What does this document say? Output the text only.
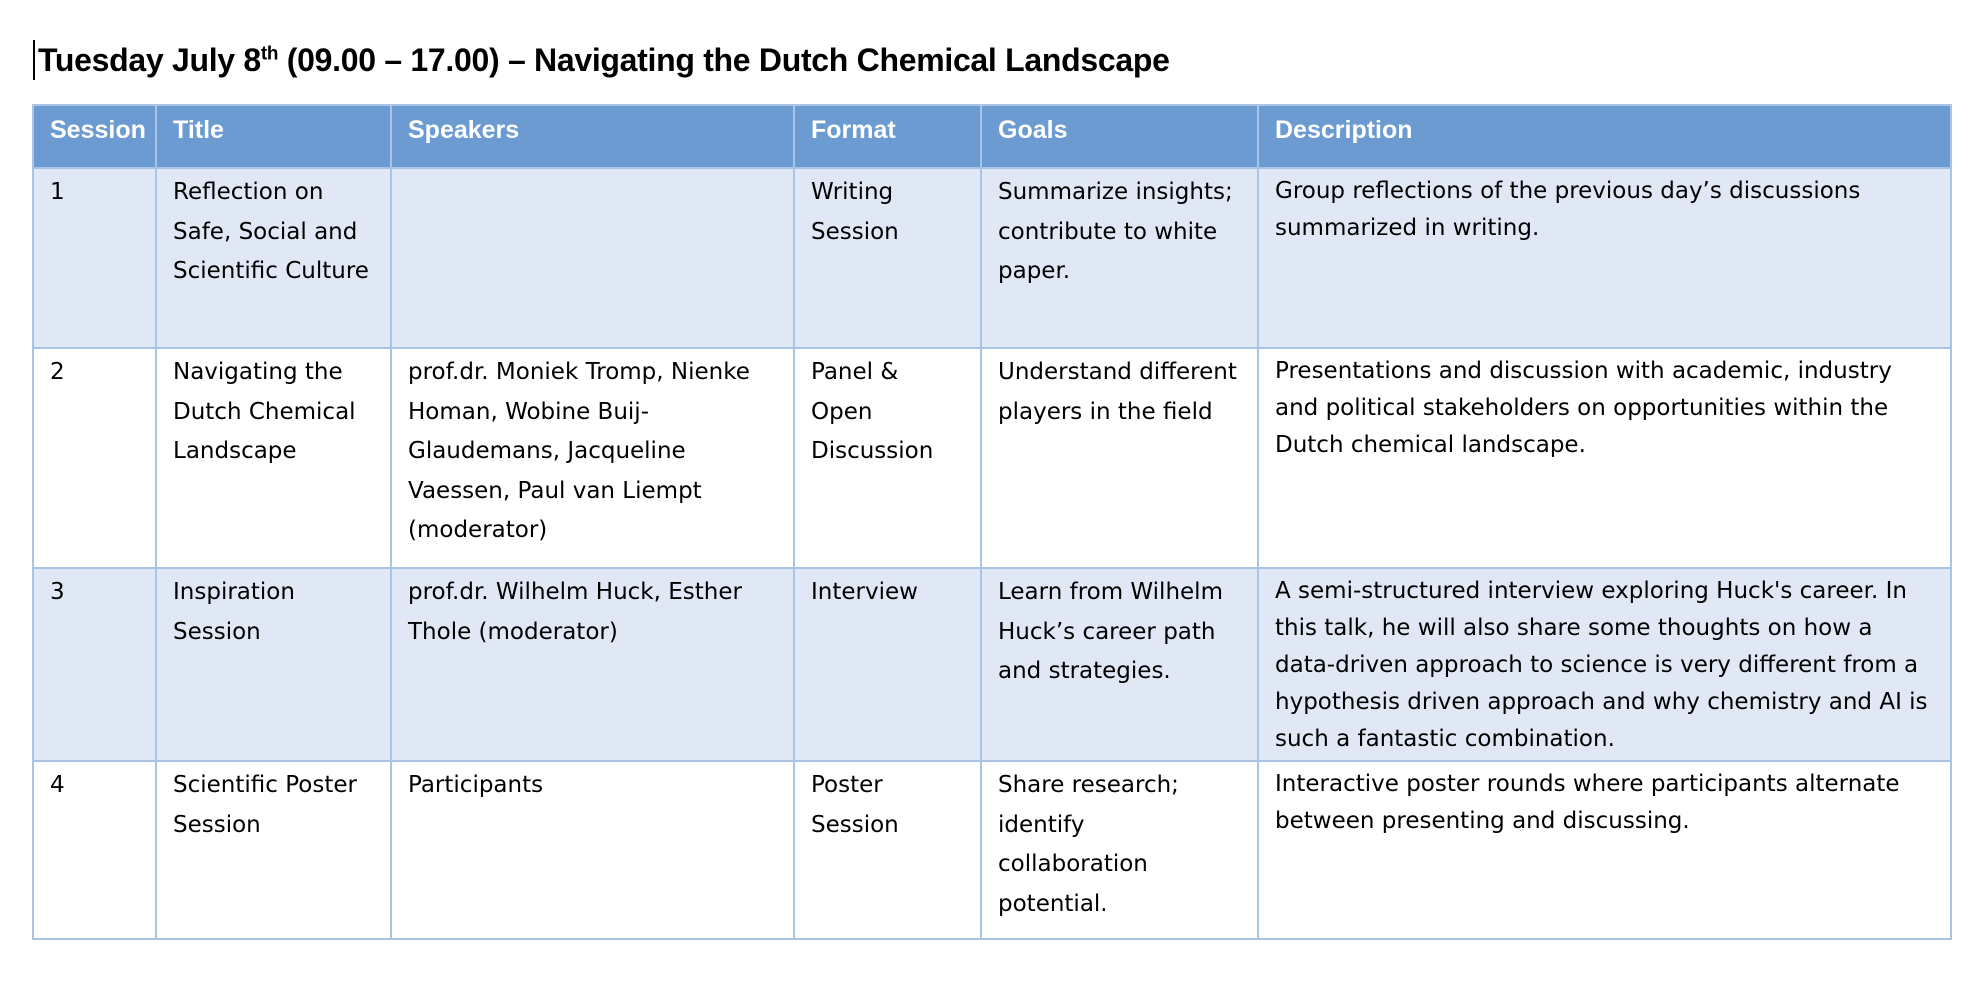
Tuesday July 8th (09.00 – 17.00) – Navigating the Dutch Chemical Landscape
Session	Title	Speakers	Format	Goals	Description
1	Reflection on Safe, Social and Scientific Culture		Writing Session	Summarize insights; contribute to white paper.	Group reflections of the previous day’s discussions summarized in writing.
2	Navigating the Dutch Chemical Landscape	prof.dr. Moniek Tromp, Nienke Homan, Wobine Buij-Glaudemans, Jacqueline Vaessen, Paul van Liempt (moderator)	Panel & Open Discussion	Understand different players in the field	Presentations and discussion with academic, industry and political stakeholders on opportunities within the Dutch chemical landscape.
3	Inspiration Session	prof.dr. Wilhelm Huck, Esther Thole (moderator)	Interview	Learn from Wilhelm Huck’s career path and strategies.	A semi-structured interview exploring Huck's career. In this talk, he will also share some thoughts on how a data-driven approach to science is very different from a hypothesis driven approach and why chemistry and AI is such a fantastic combination.
4	Scientific Poster Session	Participants	Poster Session	Share research; identify collaboration potential.	Interactive poster rounds where participants alternate between presenting and discussing.
